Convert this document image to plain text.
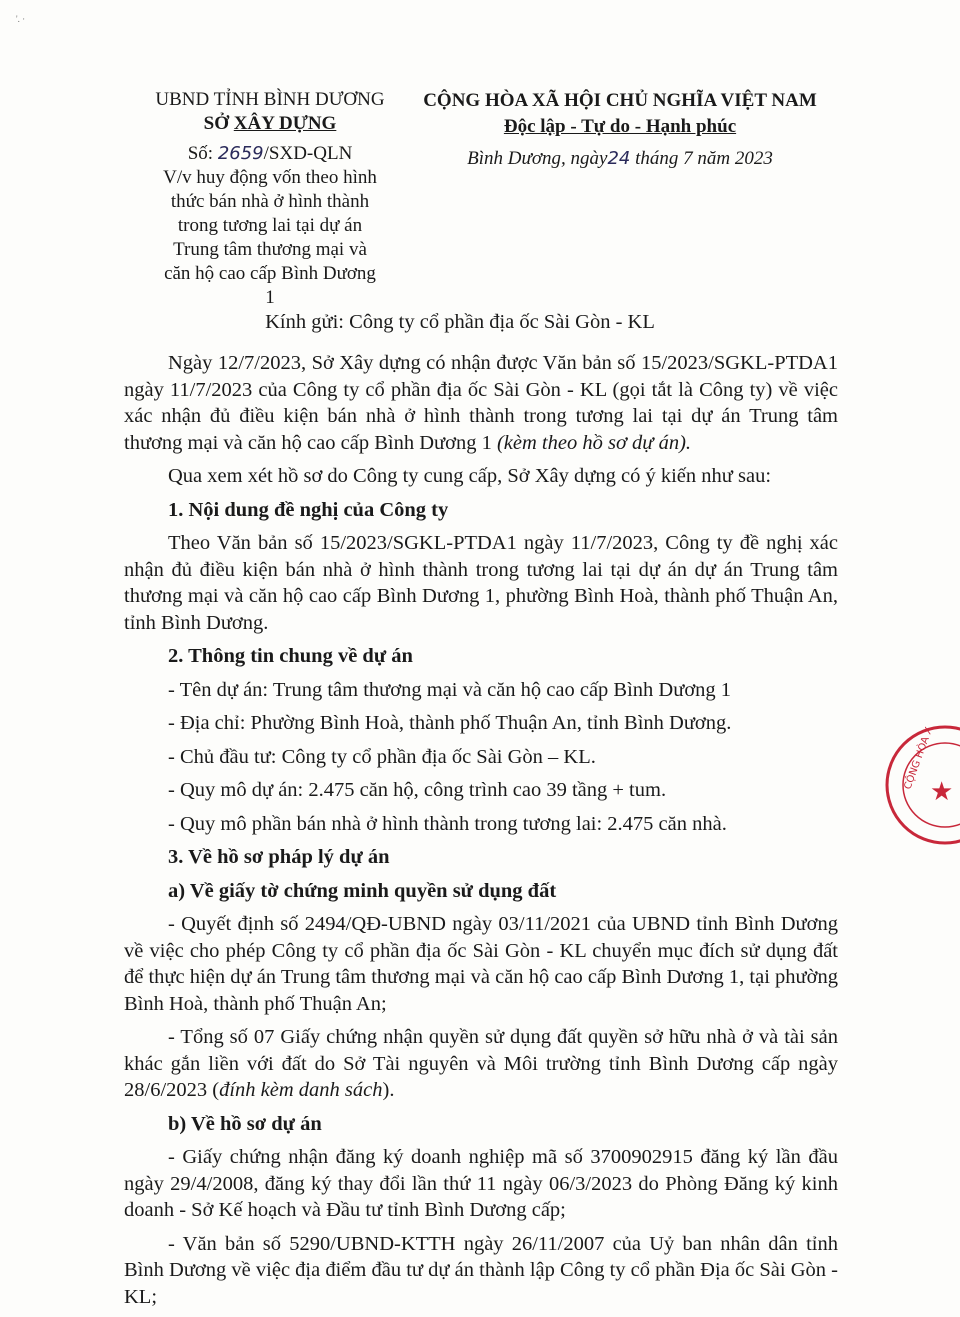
'. ·
UBND TỈNH BÌNH DƯƠNG
SỞ XÂY DỰNG
Số: 2659/SXD-QLN
V/v huy động vốn theo hình thức bán nhà ở hình thành trong tương lai tại dự án Trung tâm thương mại và căn hộ cao cấp Bình Dương 1
CỘNG HÒA XÃ HỘI CHỦ NGHĨA VIỆT NAM
Độc lập - Tự do - Hạnh phúc
Bình Dương, ngày24 tháng 7 năm 2023
Kính gửi: Công ty cổ phần địa ốc Sài Gòn - KL

Ngày 12/7/2023, Sở Xây dựng có nhận được Văn bản số 15/2023/SGKL-PTDA1 ngày 11/7/2023 của Công ty cổ phần địa ốc Sài Gòn - KL (gọi tắt là Công ty) về việc xác nhận đủ điều kiện bán nhà ở hình thành trong tương lai tại dự án Trung tâm thương mại và căn hộ cao cấp Bình Dương 1 (kèm theo hồ sơ dự án).

Qua xem xét hồ sơ do Công ty cung cấp, Sở Xây dựng có ý kiến như sau:

1. Nội dung đề nghị của Công ty

Theo Văn bản số 15/2023/SGKL-PTDA1 ngày 11/7/2023, Công ty đề nghị xác nhận đủ điều kiện bán nhà ở hình thành trong tương lai tại dự án dự án Trung tâm thương mại và căn hộ cao cấp Bình Dương 1, phường Bình Hoà, thành phố Thuận An, tỉnh Bình Dương.

2. Thông tin chung về dự án

- Tên dự án: Trung tâm thương mại và căn hộ cao cấp Bình Dương 1

- Địa chỉ: Phường Bình Hoà, thành phố Thuận An, tỉnh Bình Dương.

- Chủ đầu tư: Công ty cổ phần địa ốc Sài Gòn – KL.

- Quy mô dự án: 2.475 căn hộ, công trình cao 39 tầng + tum.

- Quy mô phần bán nhà ở hình thành trong tương lai: 2.475 căn nhà.

3. Về hồ sơ pháp lý dự án

a) Về giấy tờ chứng minh quyền sử dụng đất

- Quyết định số 2494/QĐ-UBND ngày 03/11/2021 của UBND tỉnh Bình Dương về việc cho phép Công ty cổ phần địa ốc Sài Gòn - KL chuyển mục đích sử dụng đất để thực hiện dự án Trung tâm thương mại và căn hộ cao cấp Bình Dương 1, tại phường Bình Hoà, thành phố Thuận An;

- Tổng số 07 Giấy chứng nhận quyền sử dụng đất quyền sở hữu nhà ở và tài sản khác gắn liền với đất do Sở Tài nguyên và Môi trường tỉnh Bình Dương cấp ngày 28/6/2023 (đính kèm danh sách).

b) Về hồ sơ dự án

- Giấy chứng nhận đăng ký doanh nghiệp mã số 3700902915 đăng ký lần đầu ngày 29/4/2008, đăng ký thay đổi lần thứ 11 ngày 06/3/2023 do Phòng Đăng ký kinh doanh - Sở Kế hoạch và Đầu tư tỉnh Bình Dương cấp;

- Văn bản số 5290/UBND-KTTH ngày 26/11/2007 của Uỷ ban nhân dân tỉnh Bình Dương về việc địa điểm đầu tư dự án thành lập Công ty cổ phần Địa ốc Sài Gòn - KL;

CỘNG HÒA X
★
